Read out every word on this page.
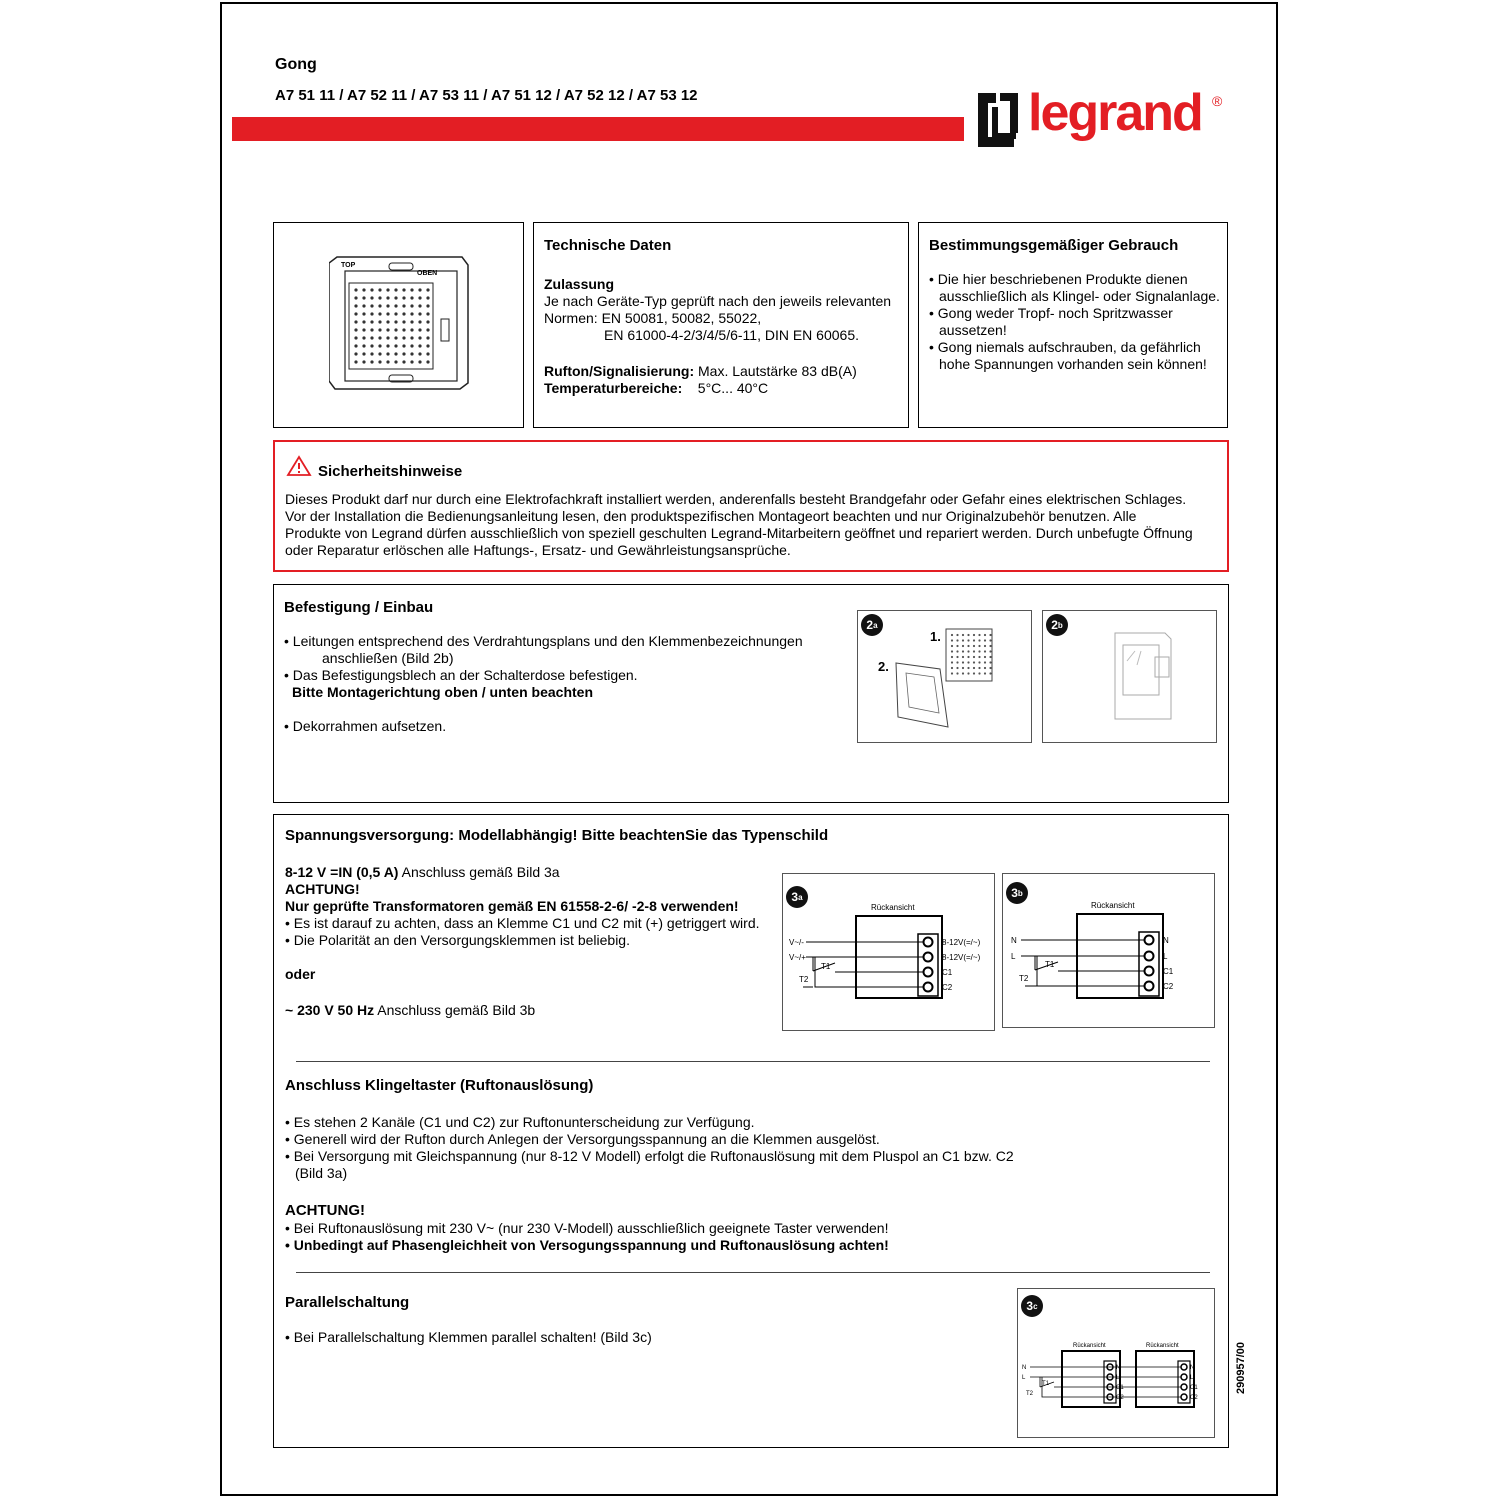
Gong
A7 51 11 / A7 52 11 / A7 53 11 / A7 51 12 / A7 52 12 / A7 53 12	legrand ®
TOP
OBEN
Technische Daten
Zulassung
Je nach Geräte-Typ geprüft nach den jeweils relevanten
Normen: EN 50081, 50082, 55022,
EN 61000-4-2/3/4/5/6-11, DIN EN 60065.
Rufton/Signalisierung: Max. Lautstärke 83 dB(A)
Temperaturbereiche: 5°C... 40°C
Bestimmungsgemäßiger Gebrauch
• Die hier beschriebenen Produkte dienen
ausschließlich als Klingel- oder Signalanlage.
• Gong weder Tropf- noch Spritzwasser
aussetzen!
• Gong niemals aufschrauben, da gefährlich
hohe Spannungen vorhanden sein können!
Sicherheitshinweise
Dieses Produkt darf nur durch eine Elektrofachkraft installiert werden, anderenfalls besteht Brandgefahr oder Gefahr eines elektrischen Schlages.
Vor der Installation die Bedienungsanleitung lesen, den produktspezifischen Montageort beachten und nur Originalzubehör benutzen. Alle
Produkte von Legrand dürfen ausschließlich von speziell geschulten Legrand-Mitarbeitern geöffnet und repariert werden. Durch unbefugte Öffnung
oder Reparatur erlöschen alle Haftungs-, Ersatz- und Gewährleistungsansprüche.
Befestigung / Einbau
• Leitungen entsprechend des Verdrahtungsplans und den Klemmenbezeichnungen
anschließen (Bild 2b)
• Das Befestigungsblech an der Schalterdose befestigen.
Bitte Montagerichtung oben / unten beachten
• Dekorrahmen aufsetzen.
2 a
1.
2.
2 b
Spannungsversorgung: Modellabhängig! Bitte beachtenSie das Typenschild
8-12 V =IN (0,5 A) Anschluss gemäß Bild 3a
ACHTUNG!
Nur geprüfte Transformatoren gemäß EN 61558-2-6/ -2-8 verwenden!
• Es ist darauf zu achten, dass an Klemme C1 und C2 mit (+) getriggert wird.
• Die Polarität an den Versorgungsklemmen ist beliebig.
oder
~ 230 V 50 Hz Anschluss gemäß Bild 3b
3 a
Rückansicht
V~/-
V~/+
T1
T2
8-12V(=/~)
8-12V(=/~)
C1
C2
3 b
Rückansicht
N
L
T1
T2
N
L
C1
C2
Anschluss Klingeltaster (Ruftonauslösung)
• Es stehen 2 Kanäle (C1 und C2) zur Ruftonunterscheidung zur Verfügung.
• Generell wird der Rufton durch Anlegen der Versorgungsspannung an die Klemmen ausgelöst.
• Bei Versorgung mit Gleichspannung (nur 8-12 V Modell) erfolgt die Ruftonauslösung mit dem Pluspol an C1 bzw. C2
(Bild 3a)
ACHTUNG!
• Bei Ruftonauslösung mit 230 V~ (nur 230 V-Modell) ausschließlich geeignete Taster verwenden!
• Unbedingt auf Phasengleichheit von Versogungsspannung und Ruftonauslösung achten!
Parallelschaltung
• Bei Parallelschaltung Klemmen parallel schalten! (Bild 3c)
3 c
Rückansicht	Rückansicht
N
L
T1
T2
N
L
C1
C2
N
L
C1
C2
290957/00
